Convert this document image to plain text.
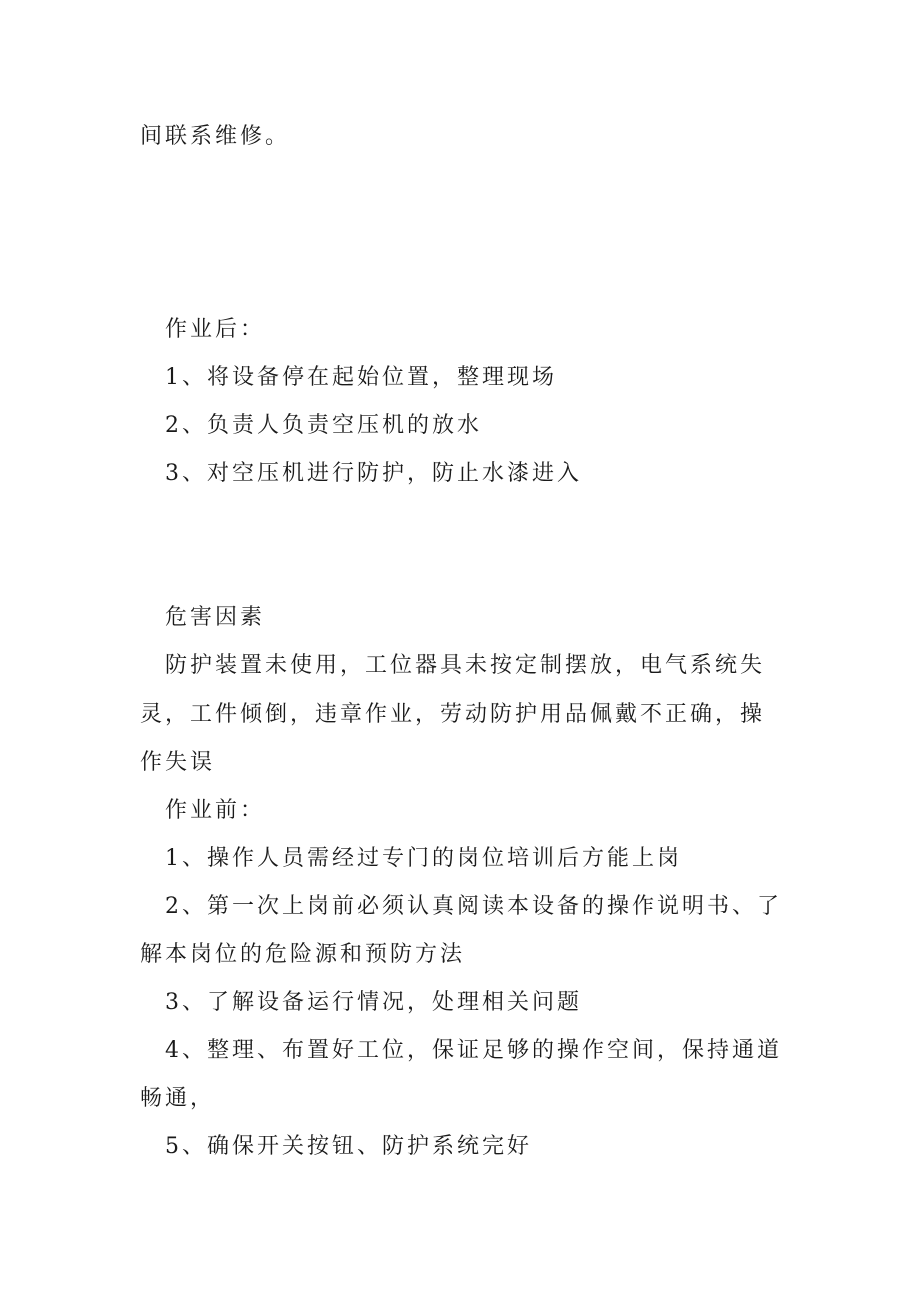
间联系维修。

作业后：

1、将设备停在起始位置，整理现场

2、负责人负责空压机的放水

3、对空压机进行防护，防止水漆进入

危害因素

防护装置未使用，工位器具未按定制摆放，电气系统失

灵，工件倾倒，违章作业，劳动防护用品佩戴不正确，操

作失误

作业前：

1、操作人员需经过专门的岗位培训后方能上岗

2、第一次上岗前必须认真阅读本设备的操作说明书、了

解本岗位的危险源和预防方法

3、了解设备运行情况，处理相关问题

4、整理、布置好工位，保证足够的操作空间，保持通道

畅通，

5、确保开关按钮、防护系统完好
